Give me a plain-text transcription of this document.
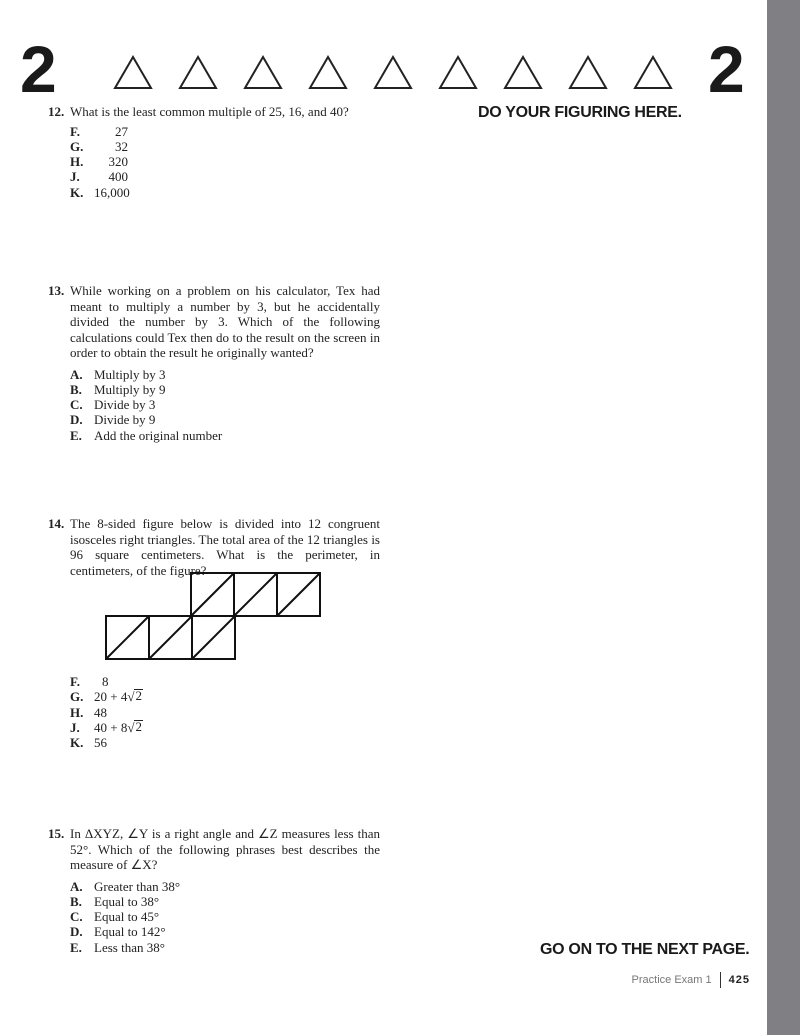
2	2
DO YOUR FIGURING HERE.
12. What is the least common multiple of 25, 16, and 40?
F.	27
G.	32
H.	320
J.	400
K. 16,000
13. While working on a problem on his calculator, Tex had meant to multiply a number by 3, but he accidentally divided the number by 3. Which of the following calculations could Tex then do to the result on the screen in order to obtain the result he originally wanted?
A. Multiply by 3
B. Multiply by 9
C. Divide by 3
D. Divide by 9
E. Add the original number
14. The 8-sided figure below is divided into 12 congruent isosceles right triangles. The total area of the 12 triangles is 96 square centimeters. What is the perimeter, in centimeters, of the figure?
F.	8
G. 20 + 4 √ 2
H. 48
J.	40 + 8 √ 2
K. 56
15. In ΔXYZ, ∠Y is a right angle and ∠Z measures less than 52°. Which of the following phrases best describes the measure of ∠X?
A. Greater than 38°
B. Equal to 38°
C. Equal to 45°
D. Equal to 142°
E. Less than 38°	GO ON TO THE NEXT PAGE.
Practice Exam 1 425
